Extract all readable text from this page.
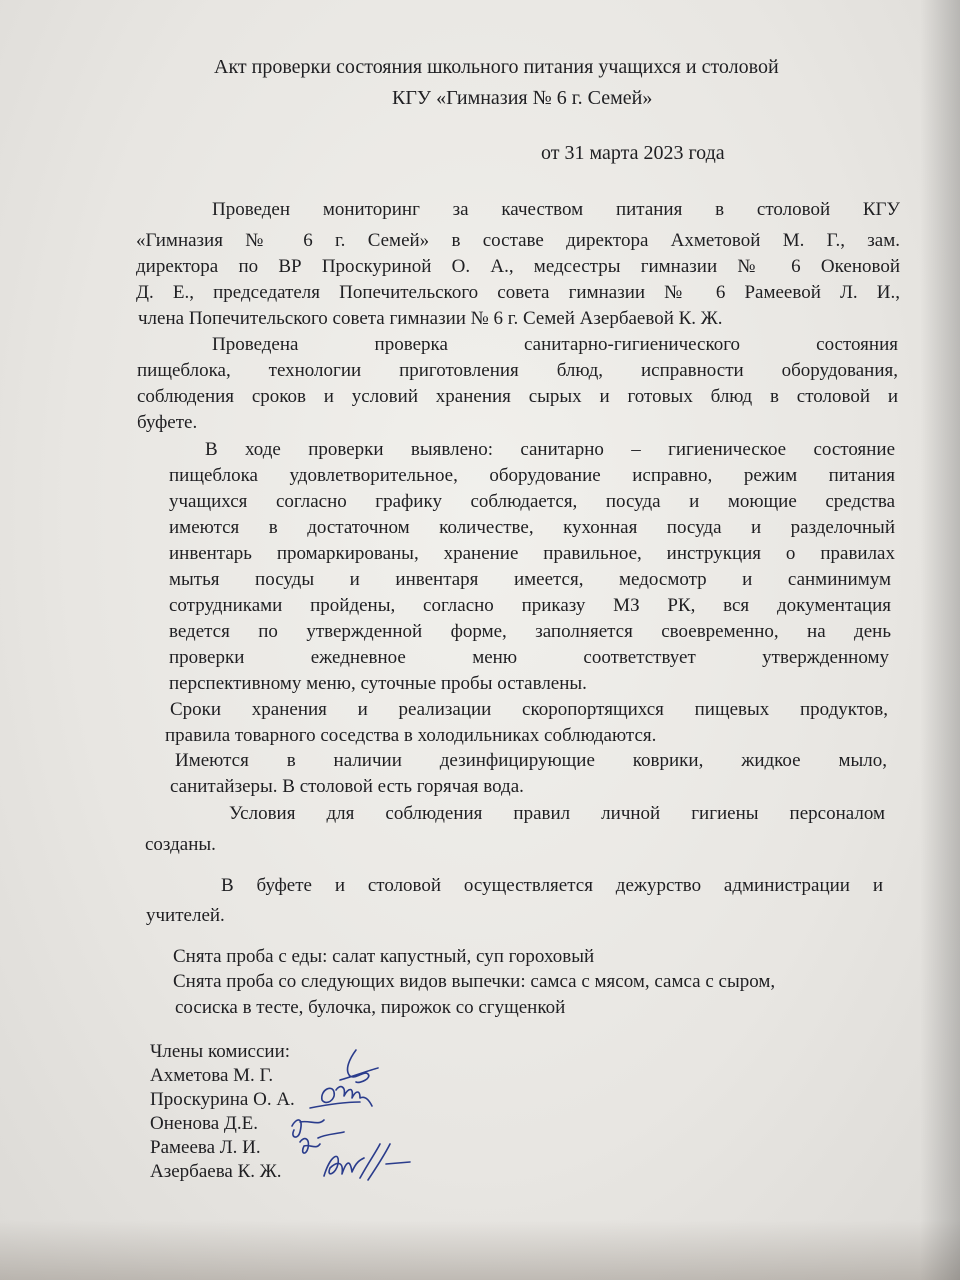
Акт проверки состояния школьного питания учащихся и столовой
КГУ «Гимназия № 6 г. Семей»
от 31 марта 2023 года
Проведен мониторинг за качеством питания в столовой КГУ
«Гимназия № 6 г. Семей» в составе директора Ахметовой М. Г., зам.
директора по ВР Проскуриной О. А., медсестры гимназии № 6 Океновой
Д. Е., председателя Попечительского совета гимназии № 6 Рамеевой Л. И.,
члена Попечительского совета гимназии № 6 г. Семей Азербаевой К. Ж.
Проведена проверка санитарно-гигиенического состояния
пищеблока, технологии приготовления блюд, исправности оборудования,
соблюдения сроков и условий хранения сырых и готовых блюд в столовой и
буфете.
В ходе проверки выявлено: санитарно – гигиеническое состояние
пищеблока удовлетворительное, оборудование исправно, режим питания
учащихся согласно графику соблюдается, посуда и моющие средства
имеются в достаточном количестве, кухонная посуда и разделочный
инвентарь промаркированы, хранение правильное, инструкция о правилах
мытья посуды и инвентаря имеется, медосмотр и санминимум
сотрудниками пройдены, согласно приказу МЗ РК, вся документация
ведется по утвержденной форме, заполняется своевременно, на день
проверки ежедневное меню соответствует утвержденному
перспективному меню, суточные пробы оставлены.
Сроки хранения и реализации скоропортящихся пищевых продуктов,
правила товарного соседства в холодильниках соблюдаются.
Имеются в наличии дезинфицирующие коврики, жидкое мыло,
санитайзеры. В столовой есть горячая вода.
Условия для соблюдения правил личной гигиены персоналом
созданы.
В буфете и столовой осуществляется дежурство администрации и
учителей.
Снята проба с еды: салат капустный, суп гороховый
Снята проба со следующих видов выпечки: самса с мясом, самса с сыром,
сосиска в тесте, булочка, пирожок со сгущенкой
Члены комиссии:
Ахметова М. Г.
Проскурина О. А.
Оненова Д.Е.
Рамеева Л. И.
Азербаева К. Ж.
